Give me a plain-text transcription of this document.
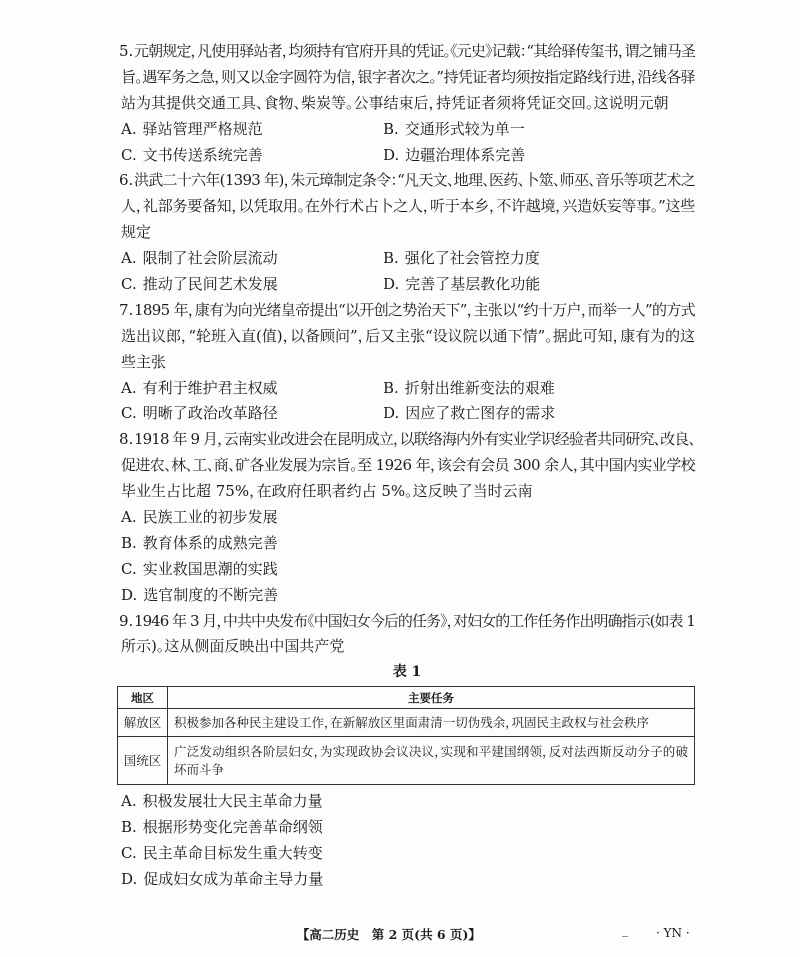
5. 元朝规定，凡使用驿站者，均须持有官府开具的凭证。《元史》记载：“其给驿传玺书，谓之铺马圣
旨。遇军务之急，则又以金字圆符为信，银字者次之。”持凭证者均须按指定路线行进，沿线各驿
站为其提供交通工具、食物、柴炭等。公事结束后，持凭证者须将凭证交回。这说明元朝
A. 驿站管理严格规范	B. 交通形式较为单一
C. 文书传送系统完善	D. 边疆治理体系完善
6. 洪武二十六年(1393 年)，朱元璋制定条令：“凡天文、地理、医药、卜筮、师巫、音乐等项艺术之
人，礼部务要备知，以凭取用。在外行术占卜之人，听于本乡，不许越境，兴造妖妄等事。”这些
规定
A. 限制了社会阶层流动	B. 强化了社会管控力度
C. 推动了民间艺术发展	D. 完善了基层教化功能
7. 1895 年，康有为向光绪皇帝提出“以开创之势治天下”，主张以“约十万户，而举一人”的方式
选出议郎，“轮班入直(值)，以备顾问”，后又主张“设议院以通下情”。据此可知，康有为的这
些主张
A. 有利于维护君主权威	B. 折射出维新变法的艰难
C. 明晰了政治改革路径	D. 因应了救亡图存的需求
8. 1918 年 9 月，云南实业改进会在昆明成立，以联络海内外有实业学识经验者共同研究、改良、
促进农、林、工、商、矿各业发展为宗旨。至 1926 年，该会有会员 300 余人，其中国内实业学校
毕业生占比超 75%，在政府任职者约占 5%。这反映了当时云南
A. 民族工业的初步发展
B. 教育体系的成熟完善
C. 实业救国思潮的实践
D. 选官制度的不断完善
9. 1946 年 3 月，中共中央发布《中国妇女今后的任务》，对妇女的工作任务作出明确指示(如表 1
所示)。这从侧面反映出中国共产党
表 1
地区	主要任务
解放区	积极参加各种民主建设工作，在新解放区里面肃清一切伪残余，巩固民主政权与社会秩序
国统区	广泛发动组织各阶层妇女，为实现政协会议决议，实现和平建国纲领，反对法西斯反动分子的破坏而斗争
A. 积极发展壮大民主革命力量
B. 根据形势变化完善革命纲领
C. 民主革命目标发生重大转变
D. 促成妇女成为革命主导力量
【高二历史　第 2 页(共 6 页)】	_ · YN ·
